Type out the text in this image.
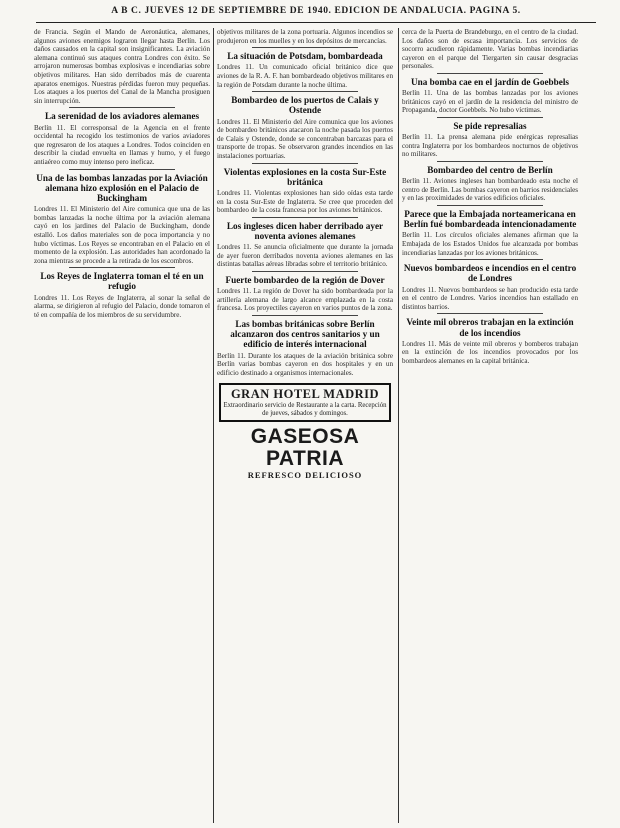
A B C. JUEVES 12 DE SEPTIEMBRE DE 1940. EDICION DE ANDALUCIA. PAGINA 5.

de Francia. Según el Mando de Aeronáutica, alemanes, algunos aviones enemigos lograron llegar hasta Berlín. Los daños causados en la capital son insignificantes. La aviación alemana continuó sus ataques contra Londres con éxito. Se arrojaron numerosas bombas explosivas e incendiarias sobre objetivos militares. Han sido derribados más de cuarenta aparatos enemigos. Nuestras pérdidas fueron muy pequeñas. Los ataques a los puertos del Canal de la Mancha prosiguen sin interrupción.

La serenidad de los aviadores alemanes

Berlín 11. El corresponsal de la Agencia en el frente occidental ha recogido los testimonios de varios aviadores que regresaron de los ataques a Londres. Todos coinciden en describir la ciudad envuelta en llamas y humo, y el fuego antiaéreo como muy intenso pero ineficaz.

Una de las bombas lanzadas por la Aviación alemana hizo explosión en el Palacio de Buckingham

Londres 11. El Ministerio del Aire comunica que una de las bombas lanzadas la noche última por la aviación alemana cayó en los jardines del Palacio de Buckingham, donde estalló. Los daños materiales son de poca importancia y no hubo víctimas. Los Reyes se encontraban en el Palacio en el momento de la explosión. Las autoridades han acordonado la zona mientras se procede a la retirada de los escombros.

Los Reyes de Inglaterra toman el té en un refugio

Londres 11. Los Reyes de Inglaterra, al sonar la señal de alarma, se dirigieron al refugio del Palacio, donde tomaron el té en compañía de los miembros de su servidumbre.

objetivos militares de la zona portuaria. Algunos incendios se produjeron en los muelles y en los depósitos de mercancías.

La situación de Potsdam, bombardeada

Londres 11. Un comunicado oficial británico dice que aviones de la R. A. F. han bombardeado objetivos militares en la región de Potsdam durante la noche última.

Bombardeo de los puertos de Calais y Ostende

Londres 11. El Ministerio del Aire comunica que los aviones de bombardeo británicos atacaron la noche pasada los puertos de Calais y Ostende, donde se concentraban barcazas para el transporte de tropas. Se observaron grandes incendios en las instalaciones portuarias.

Violentas explosiones en la costa Sur-Este británica

Londres 11. Violentas explosiones han sido oídas esta tarde en la costa Sur-Este de Inglaterra. Se cree que proceden del bombardeo de la costa francesa por los aviones británicos.

Los ingleses dicen haber derribado ayer noventa aviones alemanes

Londres 11. Se anuncia oficialmente que durante la jornada de ayer fueron derribados noventa aviones alemanes en las distintas batallas aéreas libradas sobre el territorio británico.

Fuerte bombardeo de la región de Dover

Londres 11. La región de Dover ha sido bombardeada por la artillería alemana de largo alcance emplazada en la costa francesa. Los proyectiles cayeron en varios puntos de la zona.

Las bombas británicas sobre Berlín alcanzaron dos centros sanitarios y un edificio de interés internacional

Berlín 11. Durante los ataques de la aviación británica sobre Berlín varias bombas cayeron en dos hospitales y en un edificio destinado a organismos internacionales.

GRAN HOTEL MADRID
Extraordinario servicio de Restaurante a la carta. Recepción de jueves, sábados y domingos.
GASEOSA PATRIA
REFRESCO DELICIOSO

cerca de la Puerta de Brandeburgo, en el centro de la ciudad. Los daños son de escasa importancia. Los servicios de socorro acudieron rápidamente. Varias bombas incendiarias cayeron en el parque del Tiergarten sin causar desgracias personales.

Una bomba cae en el jardín de Goebbels

Berlín 11. Una de las bombas lanzadas por los aviones británicos cayó en el jardín de la residencia del ministro de Propaganda, doctor Goebbels. No hubo víctimas.

Se pide represalias

Berlín 11. La prensa alemana pide enérgicas represalias contra Inglaterra por los bombardeos nocturnos de objetivos no militares.

Bombardeo del centro de Berlín

Berlín 11. Aviones ingleses han bombardeado esta noche el centro de Berlín. Las bombas cayeron en barrios residenciales y en las proximidades de varios edificios oficiales.

Parece que la Embajada norteamericana en Berlín fué bombardeada intencionadamente

Berlín 11. Los círculos oficiales alemanes afirman que la Embajada de los Estados Unidos fue alcanzada por bombas incendiarias lanzadas por los aviones británicos.

Nuevos bombardeos e incendios en el centro de Londres

Londres 11. Nuevos bombardeos se han producido esta tarde en el centro de Londres. Varios incendios han estallado en distintos barrios.

Veinte mil obreros trabajan en la extinción de los incendios

Londres 11. Más de veinte mil obreros y bomberos trabajan en la extinción de los incendios provocados por los bombardeos alemanes en la capital británica.
